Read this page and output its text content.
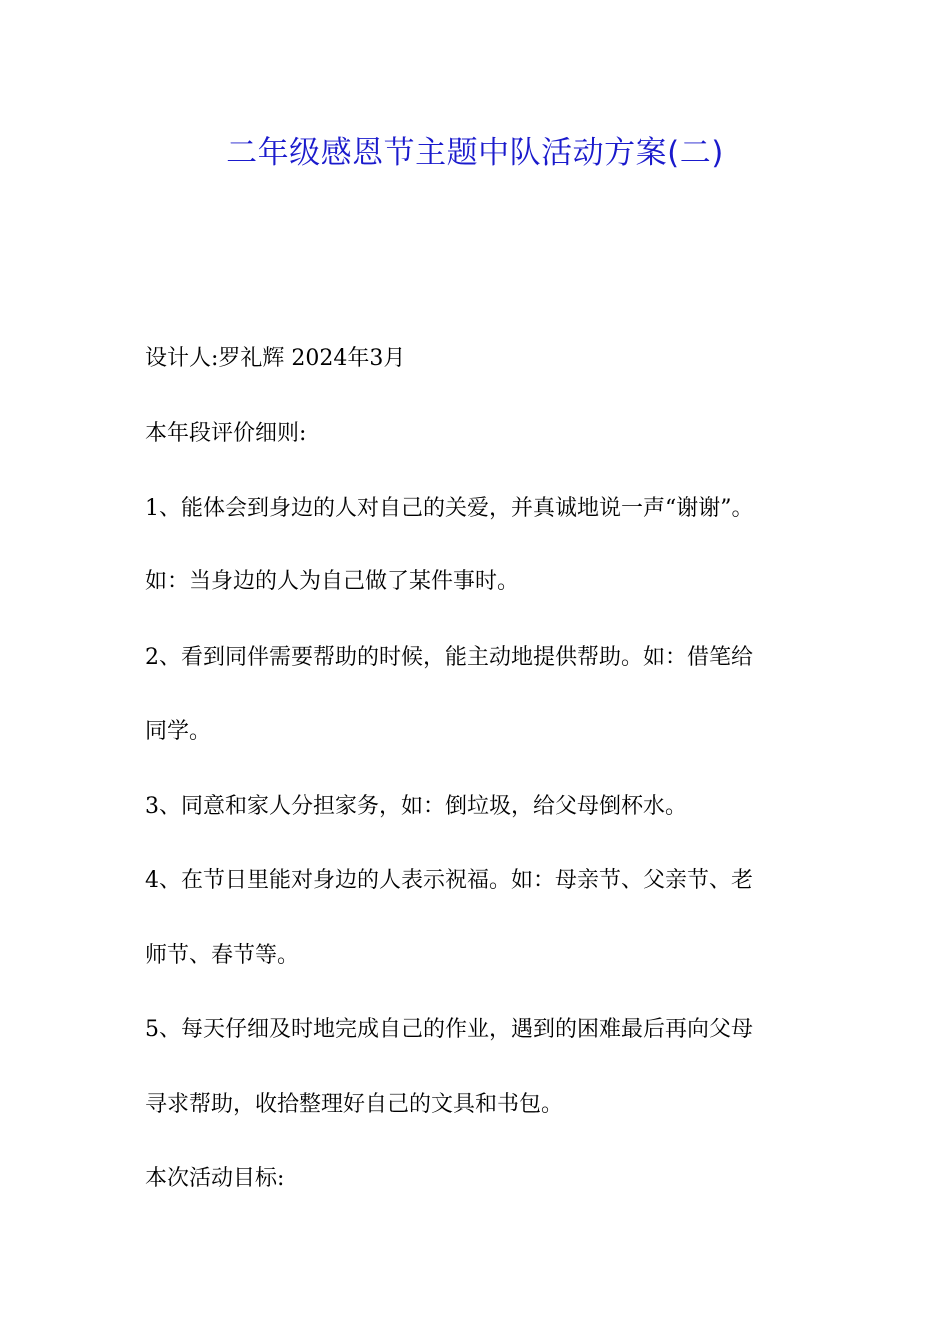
二年级感恩节主题中队活动方案(二)
设计人:罗礼辉 2024年3月
本年段评价细则:
1、能体会到身边的人对自己的关爱，并真诚地说一声“谢谢”。
如：当身边的人为自己做了某件事时。
2、看到同伴需要帮助的时候，能主动地提供帮助。如：借笔给
同学。
3、同意和家人分担家务，如：倒垃圾，给父母倒杯水。
4、在节日里能对身边的人表示祝福。如：母亲节、父亲节、老
师节、春节等。
5、每天仔细及时地完成自己的作业，遇到的困难最后再向父母
寻求帮助，收拾整理好自己的文具和书包。
本次活动目标:
